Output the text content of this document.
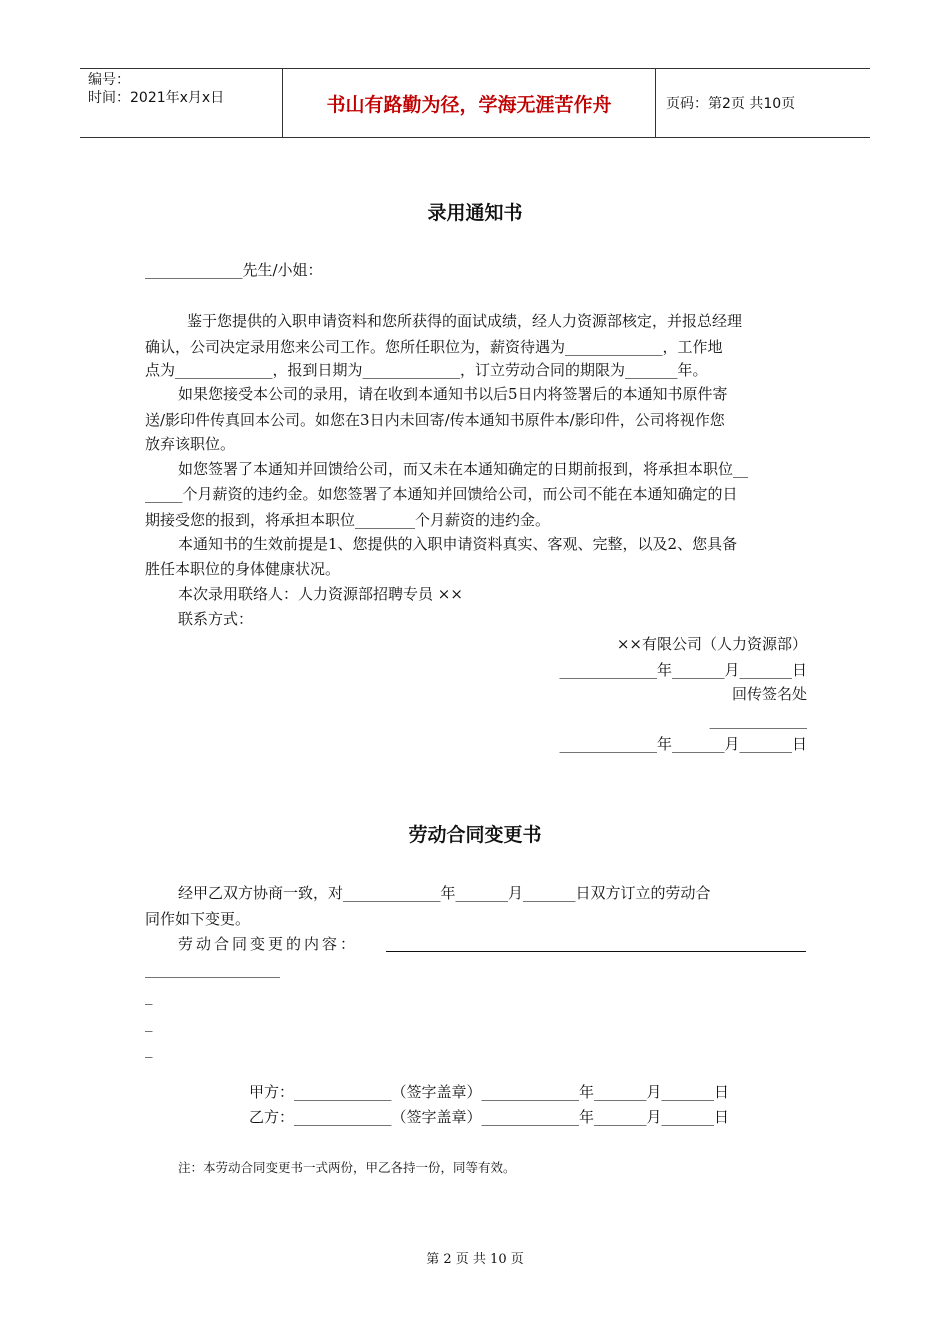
编号：
时间：2021年x月x日	书山有路勤为径，学海无涯苦作舟	页码：第2页 共10页
录用通知书
_____________先生/小姐：
鉴于您提供的入职申请资料和您所获得的面试成绩，经人力资源部核定，并报总经理
确认，公司决定录用您来公司工作。您所任职位为，薪资待遇为_____________，工作地
点为_____________，报到日期为_____________，订立劳动合同的期限为_______年。
如果您接受本公司的录用，请在收到本通知书以后5日内将签署后的本通知书原件寄
送/影印件传真回本公司。如您在3日内未回寄/传本通知书原件本/影印件，公司将视作您
放弃该职位。
如您签署了本通知并回馈给公司，而又未在本通知确定的日期前报到，将承担本职位__
_____个月薪资的违约金。如您签署了本通知并回馈给公司，而公司不能在本通知确定的日
期接受您的报到，将承担本职位________个月薪资的违约金。
本通知书的生效前提是1、您提供的入职申请资料真实、客观、完整，以及2、您具备
胜任本职位的身体健康状况。
本次录用联络人：人力资源部招聘专员 ××
联系方式：
××有限公司（人力资源部）
_____________年_______月_______日
回传签名处
_____________
_____________年_______月_______日
劳动合同变更书
经甲乙双方协商一致，对_____________年_______月_______日双方订立的劳动合
同作如下变更。
劳动合同变更的内容：
__________________
_
_
_
甲方：_____________（签字盖章）_____________年_______月_______日
乙方：_____________（签字盖章）_____________年_______月_______日
注：本劳动合同变更书一式两份，甲乙各持一份，同等有效。
第 2 页 共 10 页
